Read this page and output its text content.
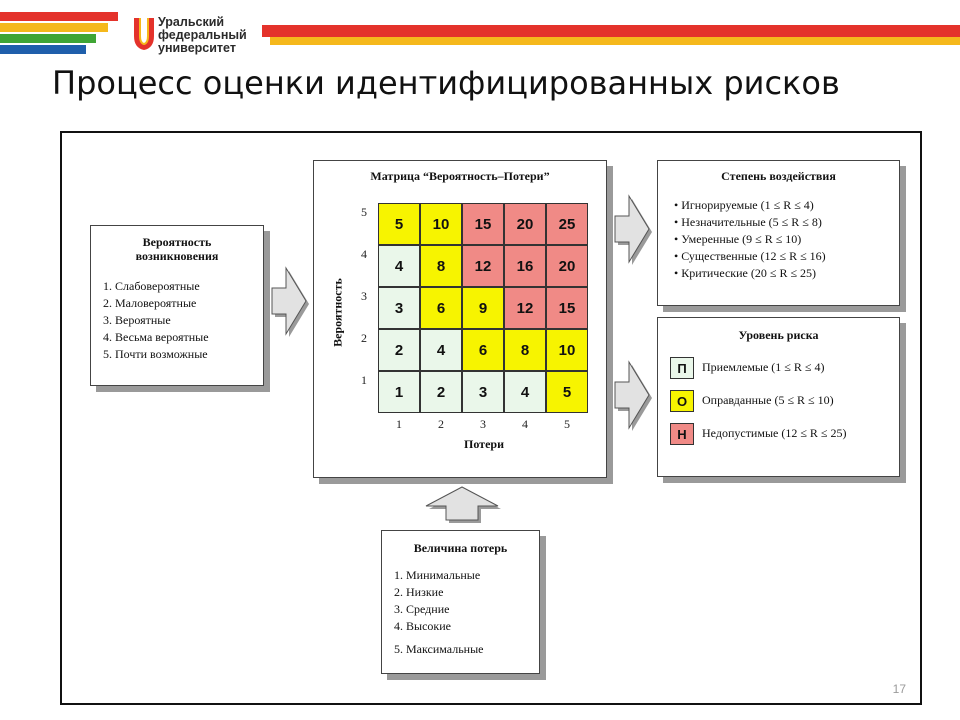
Уральский
федеральный
университет
Процесс оценки идентифицированных рисков
Вероятность
возникновения
1. Слабовероятные
2. Маловероятные
3. Вероятные
4. Весьма вероятные
5. Почти возможные
Матрица “Вероятность–Потери”
Вероятность
5	10	15	20	25
4	8	12	16	20
3	6	9	12	15
2	4	6	8	10
1	2	3	4	5
5
4
3
2
1
1	2	3	4	5
Потери
Степень воздействия
• Игнорируемые (1 ≤ R ≤ 4)
• Незначительные (5 ≤ R ≤ 8)
• Умеренные (9 ≤ R ≤ 10)
• Существенные (12 ≤ R ≤ 16)
• Критические (20 ≤ R ≤ 25)
Уровень риска
П	Приемлемые (1 ≤ R ≤ 4)
О	Оправданные (5 ≤ R ≤ 10)
Н	Недопустимые (12 ≤ R ≤ 25)
Величина потерь
1. Минимальные
2. Низкие
3. Средние
4. Высокие
5. Максимальные
17
